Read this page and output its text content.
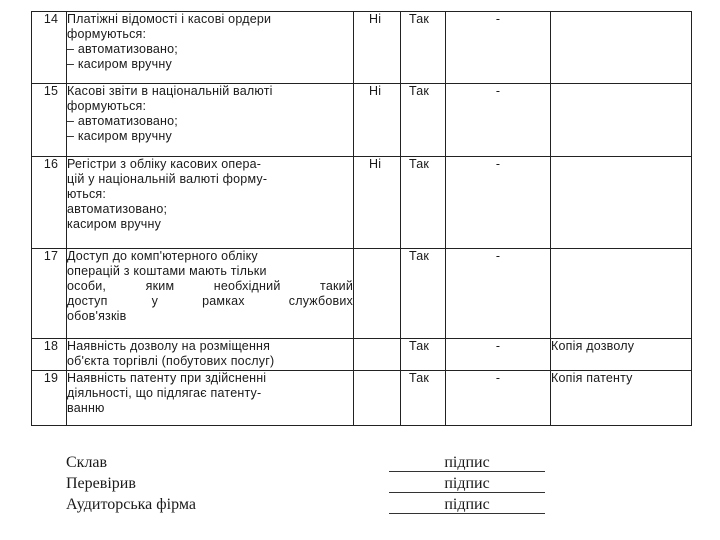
14	Платіжні відомості і касові ордери
формуються:
– автоматизовано;
– касиром вручну	Ні	Так	-	
15	Касові звіти в національній валюті
формуються:
– автоматизовано;
– касиром вручну	Ні	Так	-	
16	Регістри з обліку касових опера-
цій у національній валюті форму-
ються:
автоматизовано;
касиром вручну	Ні	Так	-	
17	Доступ до комп'ютерного обліку
операцій з коштами мають тільки
особи, яким необхідний такий
доступ у рамках службових
обов'язків		Так	-	
18	Наявність дозволу на розміщення
об'єкта торгівлі (побутових послуг)		Так	-	Копія дозволу
19	Наявність патенту при здійсненні
діяльності, що підлягає патенту-
ванню		Так	-	Копія патенту
Склав	підпис
Перевірив	підпис
Аудиторська фірма	підпис
